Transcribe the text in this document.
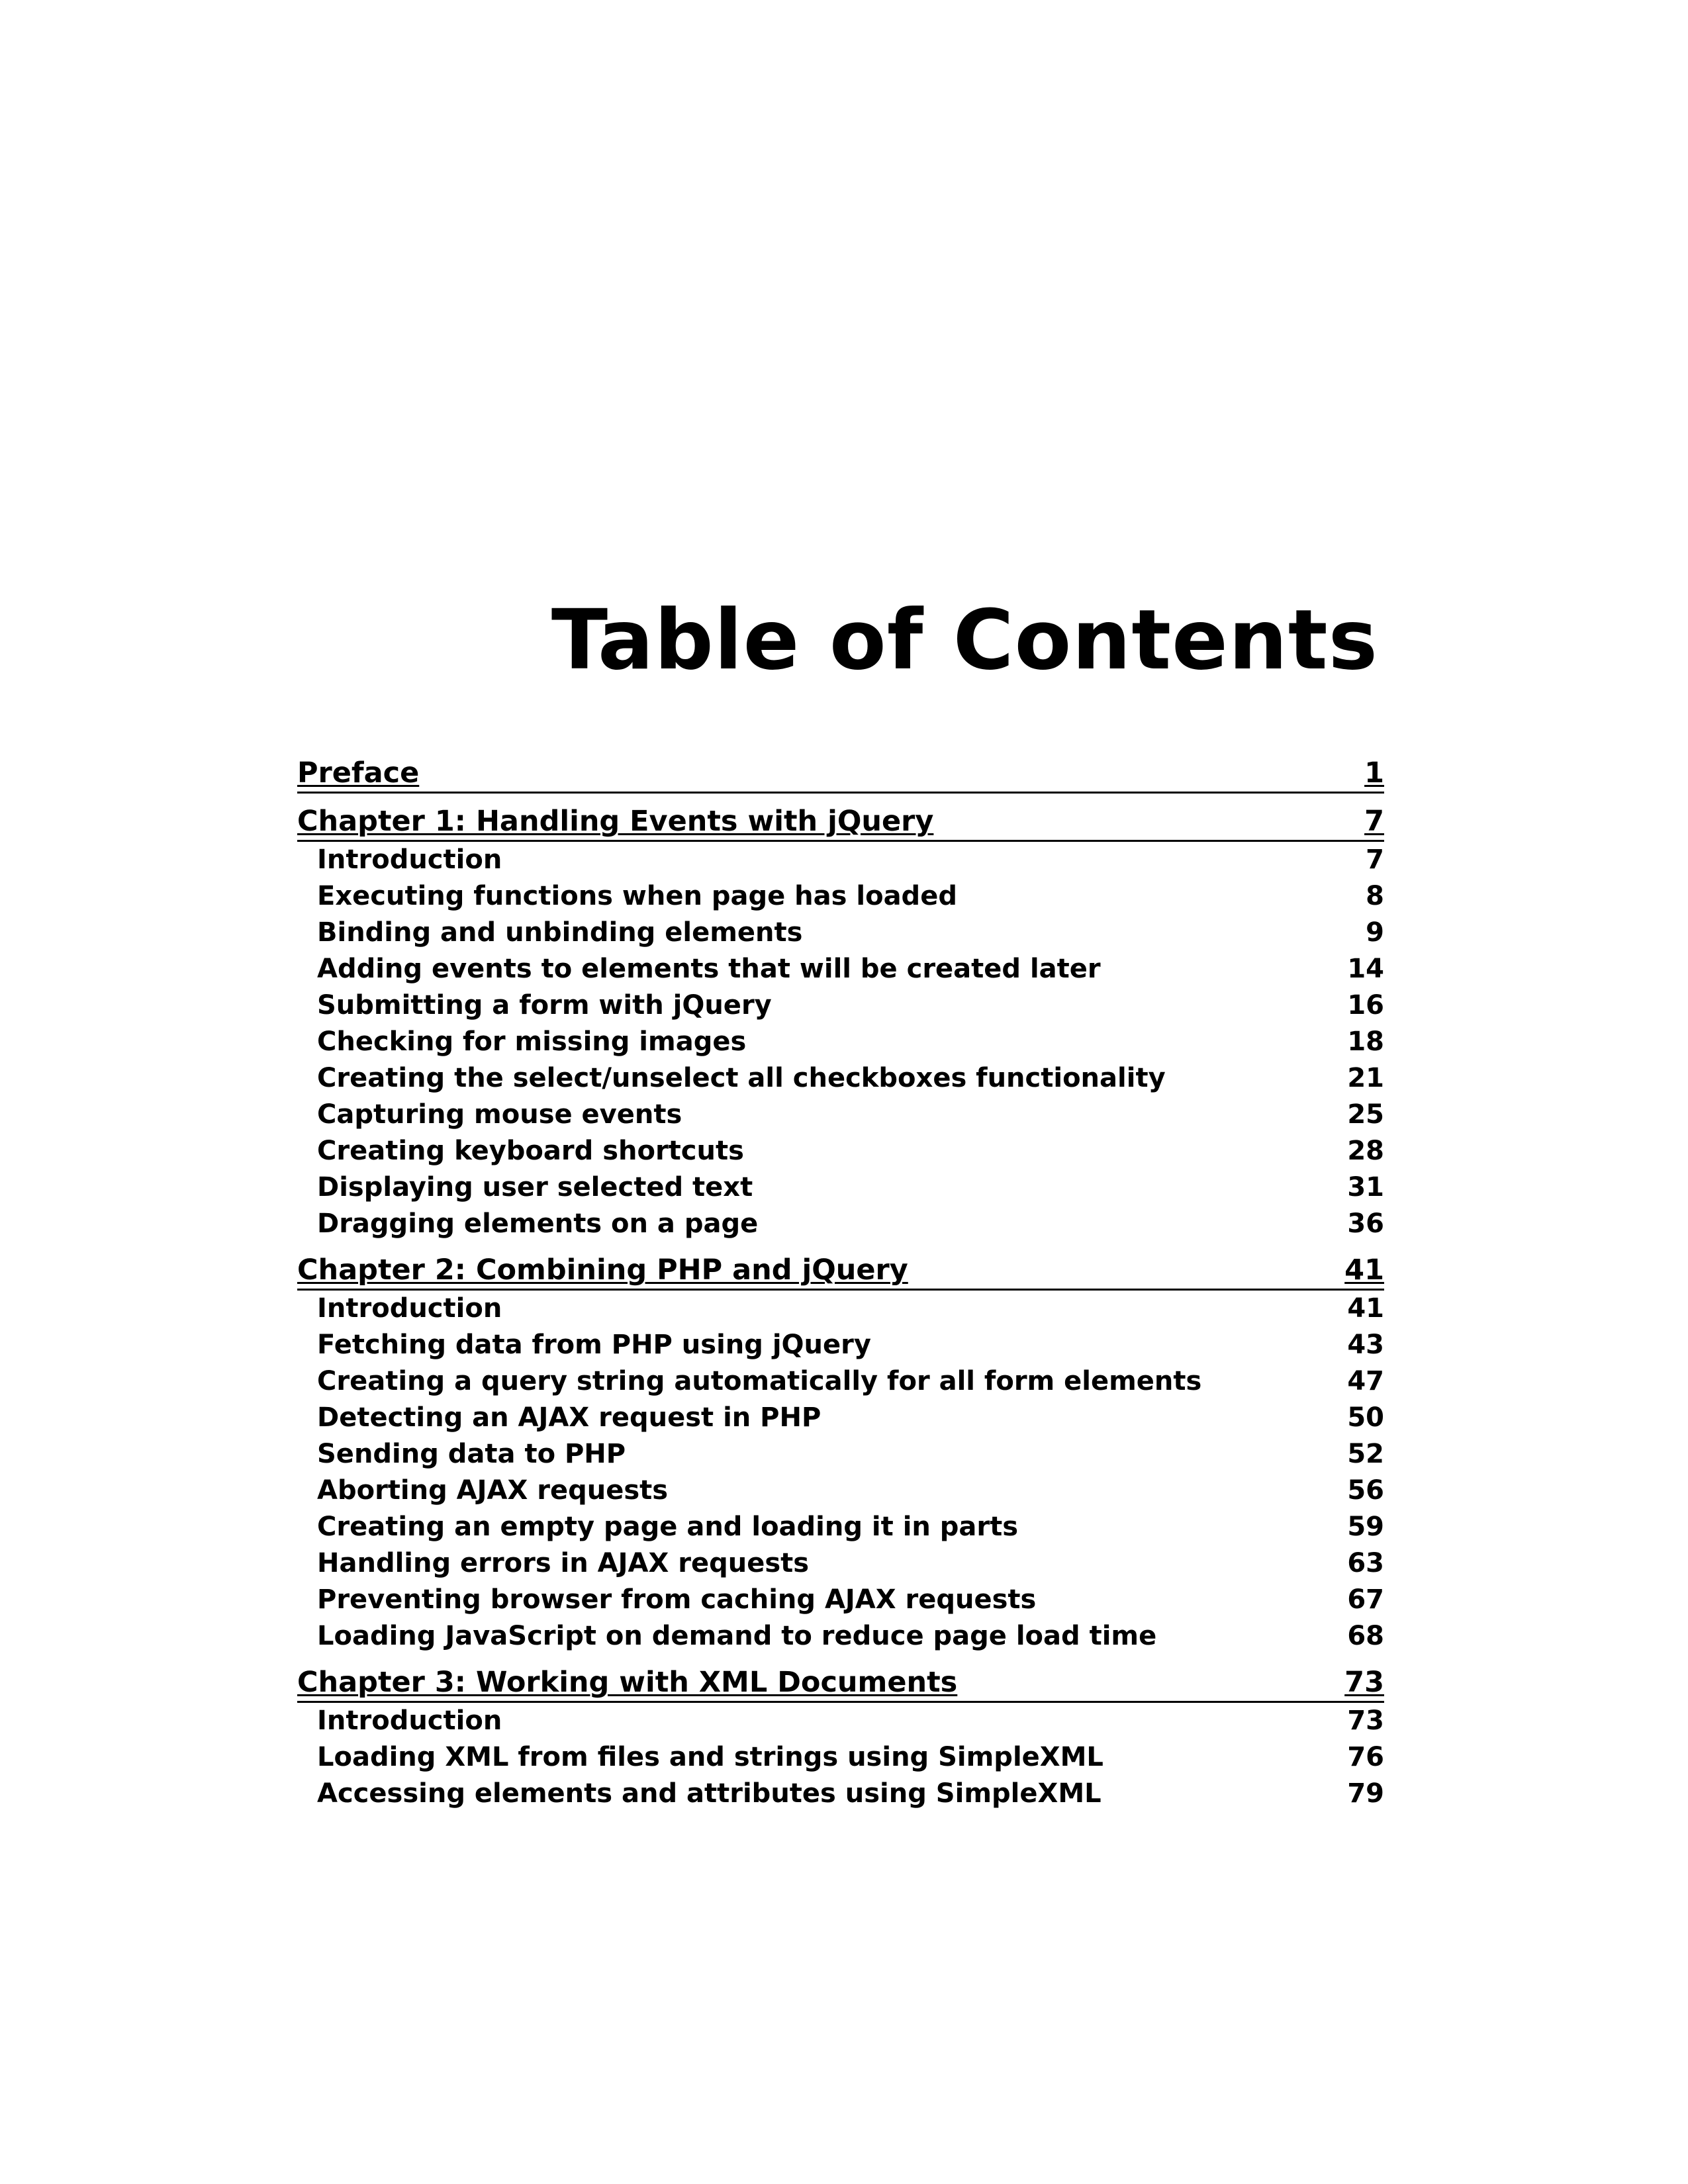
Table of Contents
Preface	1
Chapter 1: Handling Events with jQuery	7
Introduction	7
Executing functions when page has loaded	8
Binding and unbinding elements	9
Adding events to elements that will be created later	14
Submitting a form with jQuery	16
Checking for missing images	18
Creating the select/unselect all checkboxes functionality	21
Capturing mouse events	25
Creating keyboard shortcuts	28
Displaying user selected text	31
Dragging elements on a page	36
Chapter 2: Combining PHP and jQuery	41
Introduction	41
Fetching data from PHP using jQuery	43
Creating a query string automatically for all form elements	47
Detecting an AJAX request in PHP	50
Sending data to PHP	52
Aborting AJAX requests	56
Creating an empty page and loading it in parts	59
Handling errors in AJAX requests	63
Preventing browser from caching AJAX requests	67
Loading JavaScript on demand to reduce page load time	68
Chapter 3: Working with XML Documents	73
Introduction	73
Loading XML from files and strings using SimpleXML	76
Accessing elements and attributes using SimpleXML	79
